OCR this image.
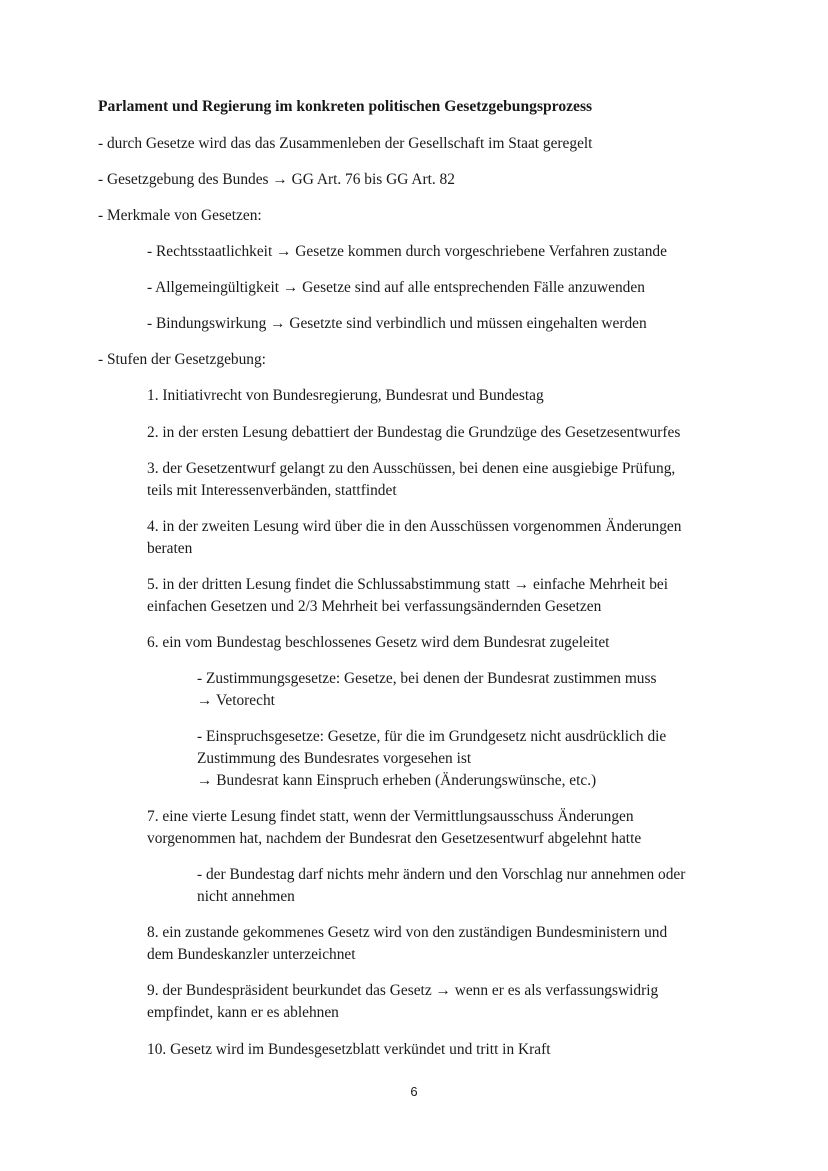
Parlament und Regierung im konkreten politischen Gesetzgebungsprozess
- durch Gesetze wird das das Zusammenleben der Gesellschaft im Staat geregelt
- Gesetzgebung des Bundes → GG Art. 76 bis GG Art. 82
- Merkmale von Gesetzen:
- Rechtsstaatlichkeit → Gesetze kommen durch vorgeschriebene Verfahren zustande
- Allgemeingültigkeit → Gesetze sind auf alle entsprechenden Fälle anzuwenden
- Bindungswirkung → Gesetzte sind verbindlich und müssen eingehalten werden
- Stufen der Gesetzgebung:
1. Initiativrecht von Bundesregierung, Bundesrat und Bundestag
2. in der ersten Lesung debattiert der Bundestag die Grundzüge des Gesetzesentwurfes
3. der Gesetzentwurf gelangt zu den Ausschüssen, bei denen eine ausgiebige Prüfung,
teils mit Interessenverbänden, stattfindet
4. in der zweiten Lesung wird über die in den Ausschüssen vorgenommen Änderungen
beraten
5. in der dritten Lesung findet die Schlussabstimmung statt → einfache Mehrheit bei
einfachen Gesetzen und 2/3 Mehrheit bei verfassungsändernden Gesetzen
6. ein vom Bundestag beschlossenes Gesetz wird dem Bundesrat zugeleitet
- Zustimmungsgesetze: Gesetze, bei denen der Bundesrat zustimmen muss
→ Vetorecht
- Einspruchsgesetze: Gesetze, für die im Grundgesetz nicht ausdrücklich die
Zustimmung des Bundesrates vorgesehen ist
→ Bundesrat kann Einspruch erheben (Änderungswünsche, etc.)
7. eine vierte Lesung findet statt, wenn der Vermittlungsausschuss Änderungen
vorgenommen hat, nachdem der Bundesrat den Gesetzesentwurf abgelehnt hatte
- der Bundestag darf nichts mehr ändern und den Vorschlag nur annehmen oder
nicht annehmen
8. ein zustande gekommenes Gesetz wird von den zuständigen Bundesministern und
dem Bundeskanzler unterzeichnet
9. der Bundespräsident beurkundet das Gesetz → wenn er es als verfassungswidrig
empfindet, kann er es ablehnen
10. Gesetz wird im Bundesgesetzblatt verkündet und tritt in Kraft
6
